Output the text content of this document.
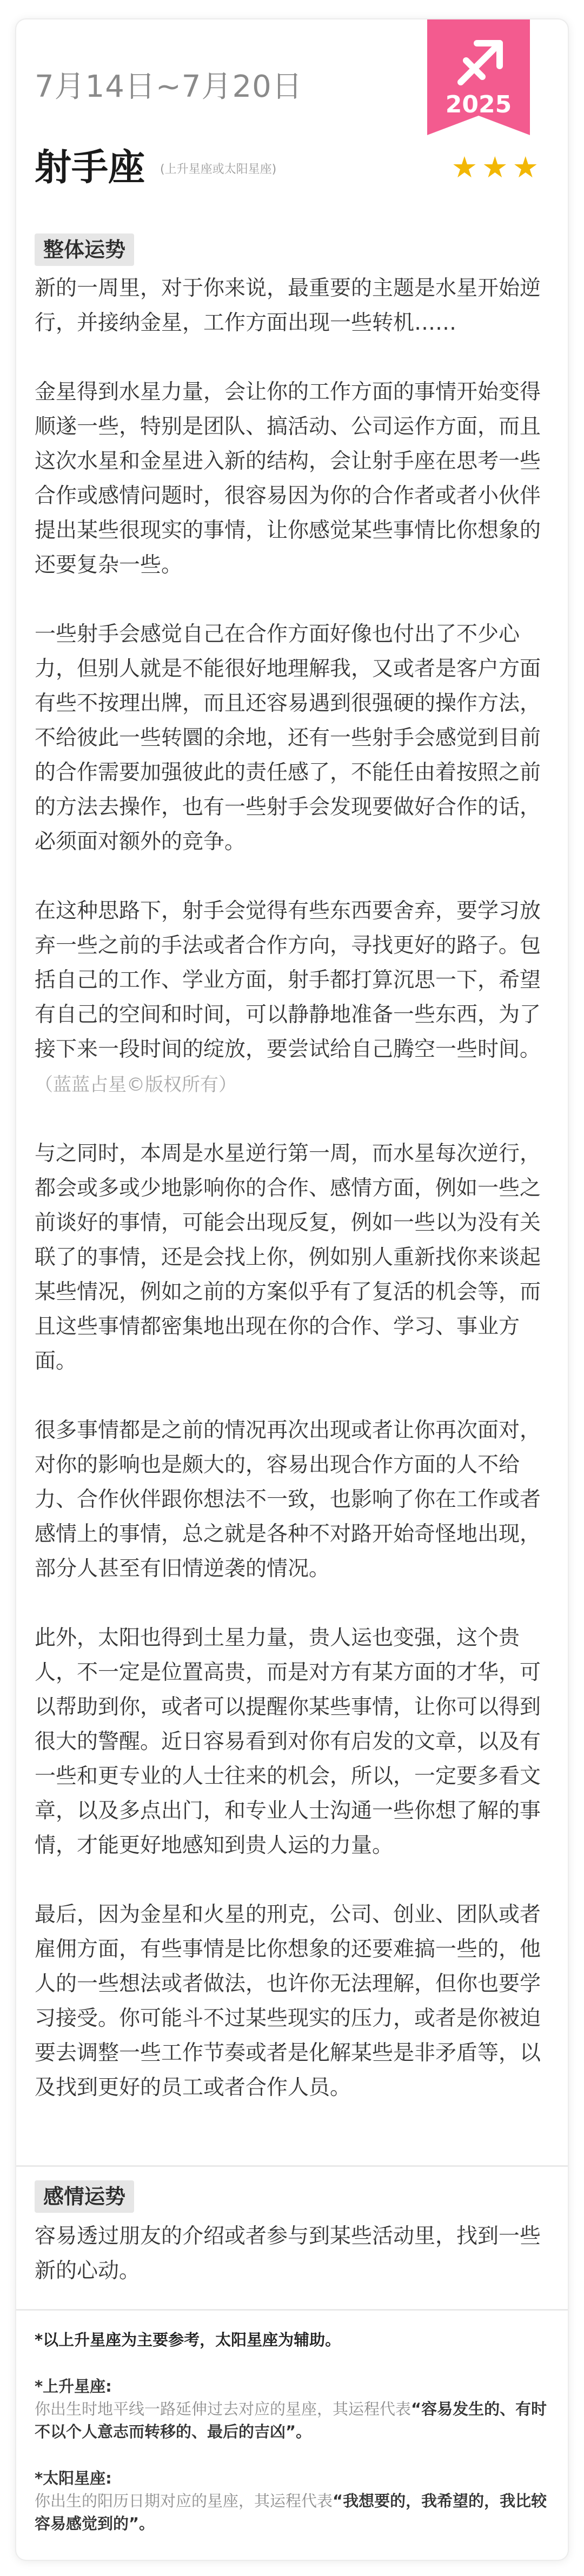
7月14日~7月20日
2025
射手座 (上升星座或太阳星座)	★★★
整体运势

新的一周里，对于你来说，最重要的主题是水星开始逆行，并接纳金星，工作方面出现一些转机……

金星得到水星力量，会让你的工作方面的事情开始变得顺遂一些，特别是团队、搞活动、公司运作方面，而且这次水星和金星进入新的结构，会让射手座在思考一些合作或感情问题时，很容易因为你的合作者或者小伙伴提出某些很现实的事情，让你感觉某些事情比你想象的还要复杂一些。

一些射手会感觉自己在合作方面好像也付出了不少心力，但别人就是不能很好地理解我，又或者是客户方面有些不按理出牌，而且还容易遇到很强硬的操作方法，不给彼此一些转圜的余地，还有一些射手会感觉到目前的合作需要加强彼此的责任感了，不能任由着按照之前的方法去操作，也有一些射手会发现要做好合作的话，必须面对额外的竞争。

在这种思路下，射手会觉得有些东西要舍弃，要学习放弃一些之前的手法或者合作方向，寻找更好的路子。包括自己的工作、学业方面，射手都打算沉思一下，希望有自己的空间和时间，可以静静地准备一些东西，为了接下来一段时间的绽放，要尝试给自己腾空一些时间。（蓝蓝占星©版权所有）

与之同时，本周是水星逆行第一周，而水星每次逆行，都会或多或少地影响你的合作、感情方面，例如一些之前谈好的事情，可能会出现反复，例如一些以为没有关联了的事情，还是会找上你，例如别人重新找你来谈起某些情况，例如之前的方案似乎有了复活的机会等，而且这些事情都密集地出现在你的合作、学习、事业方面。

很多事情都是之前的情况再次出现或者让你再次面对，对你的影响也是颇大的，容易出现合作方面的人不给力、合作伙伴跟你想法不一致，也影响了你在工作或者感情上的事情，总之就是各种不对路开始奇怪地出现，部分人甚至有旧情逆袭的情况。

此外，太阳也得到土星力量，贵人运也变强，这个贵人，不一定是位置高贵，而是对方有某方面的才华，可以帮助到你，或者可以提醒你某些事情，让你可以得到很大的警醒。近日容易看到对你有启发的文章，以及有一些和更专业的人士往来的机会，所以，一定要多看文章，以及多点出门，和专业人士沟通一些你想了解的事情，才能更好地感知到贵人运的力量。

最后，因为金星和火星的刑克，公司、创业、团队或者雇佣方面，有些事情是比你想象的还要难搞一些的，他人的一些想法或者做法，也许你无法理解，但你也要学习接受。你可能斗不过某些现实的压力，或者是你被迫要去调整一些工作节奏或者是化解某些是非矛盾等，以及找到更好的员工或者合作人员。

感情运势

容易透过朋友的介绍或者参与到某些活动里，找到一些新的心动。

*以上升星座为主要参考，太阳星座为辅助。
*上升星座:
你出生时地平线一路延伸过去对应的星座，其运程代表“容易发生的、有时不以个人意志而转移的、最后的吉凶”。
*太阳星座:
你出生的阳历日期对应的星座，其运程代表“我想要的，我希望的，我比较容易感觉到的”。
